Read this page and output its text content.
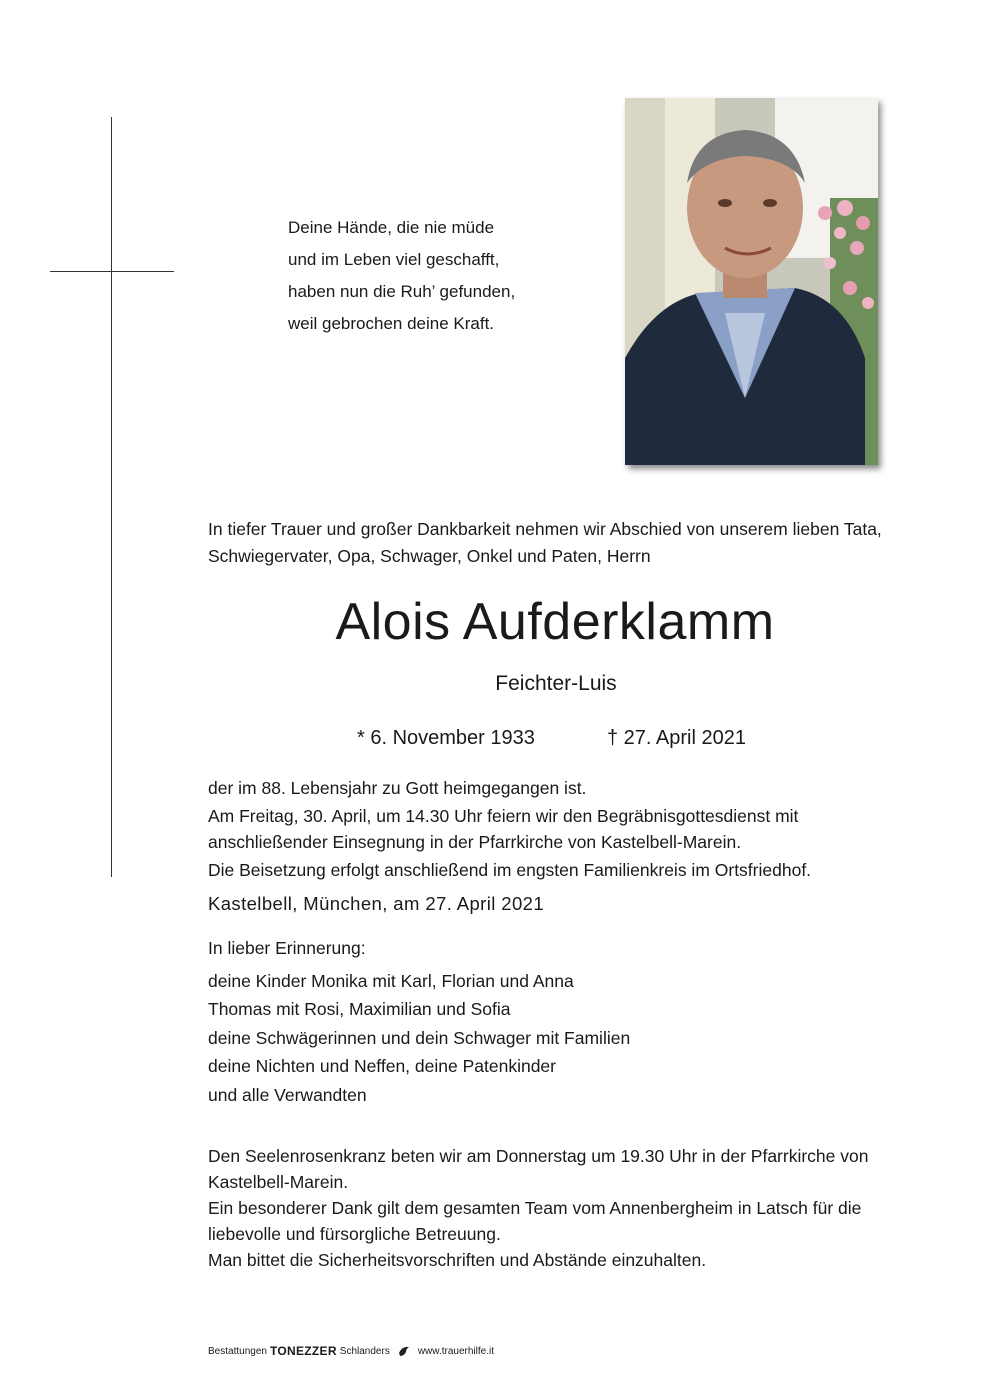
Deine Hände, die nie müde
und im Leben viel geschafft,
haben nun die Ruh’ gefunden,
weil gebrochen deine Kraft.
In tiefer Trauer und großer Dankbarkeit nehmen wir Abschied von unserem lieben Tata, Schwiegervater, Opa, Schwager, Onkel und Paten, Herrn
Alois Aufderklamm
Feichter-Luis
* 6. November 1933	† 27. April 2021

der im 88. Lebensjahr zu Gott heimgegangen ist.

Am Freitag, 30. April, um 14.30 Uhr feiern wir den Begräbnisgottesdienst mit anschließender Einsegnung in der Pfarrkirche von Kastelbell-Marein.

Die Beisetzung erfolgt anschließend im engsten Familienkreis im Ortsfriedhof.

Kastelbell, München, am 27. April 2021
In lieber Erinnerung:
deine Kinder Monika mit Karl, Florian und Anna
Thomas mit Rosi, Maximilian und Sofia
deine Schwägerinnen und dein Schwager mit Familien
deine Nichten und Neffen, deine Patenkinder
und alle Verwandten

Den Seelenrosenkranz beten wir am Donnerstag um 19.30 Uhr in der Pfarrkirche von Kastelbell-Marein.

Ein besonderer Dank gilt dem gesamten Team vom Annenbergheim in Latsch für die liebevolle und fürsorgliche Betreuung.

Man bittet die Sicherheitsvorschriften und Abstände einzuhalten.

Bestattungen TONEZZER Schlanders	www.trauerhilfe.it
